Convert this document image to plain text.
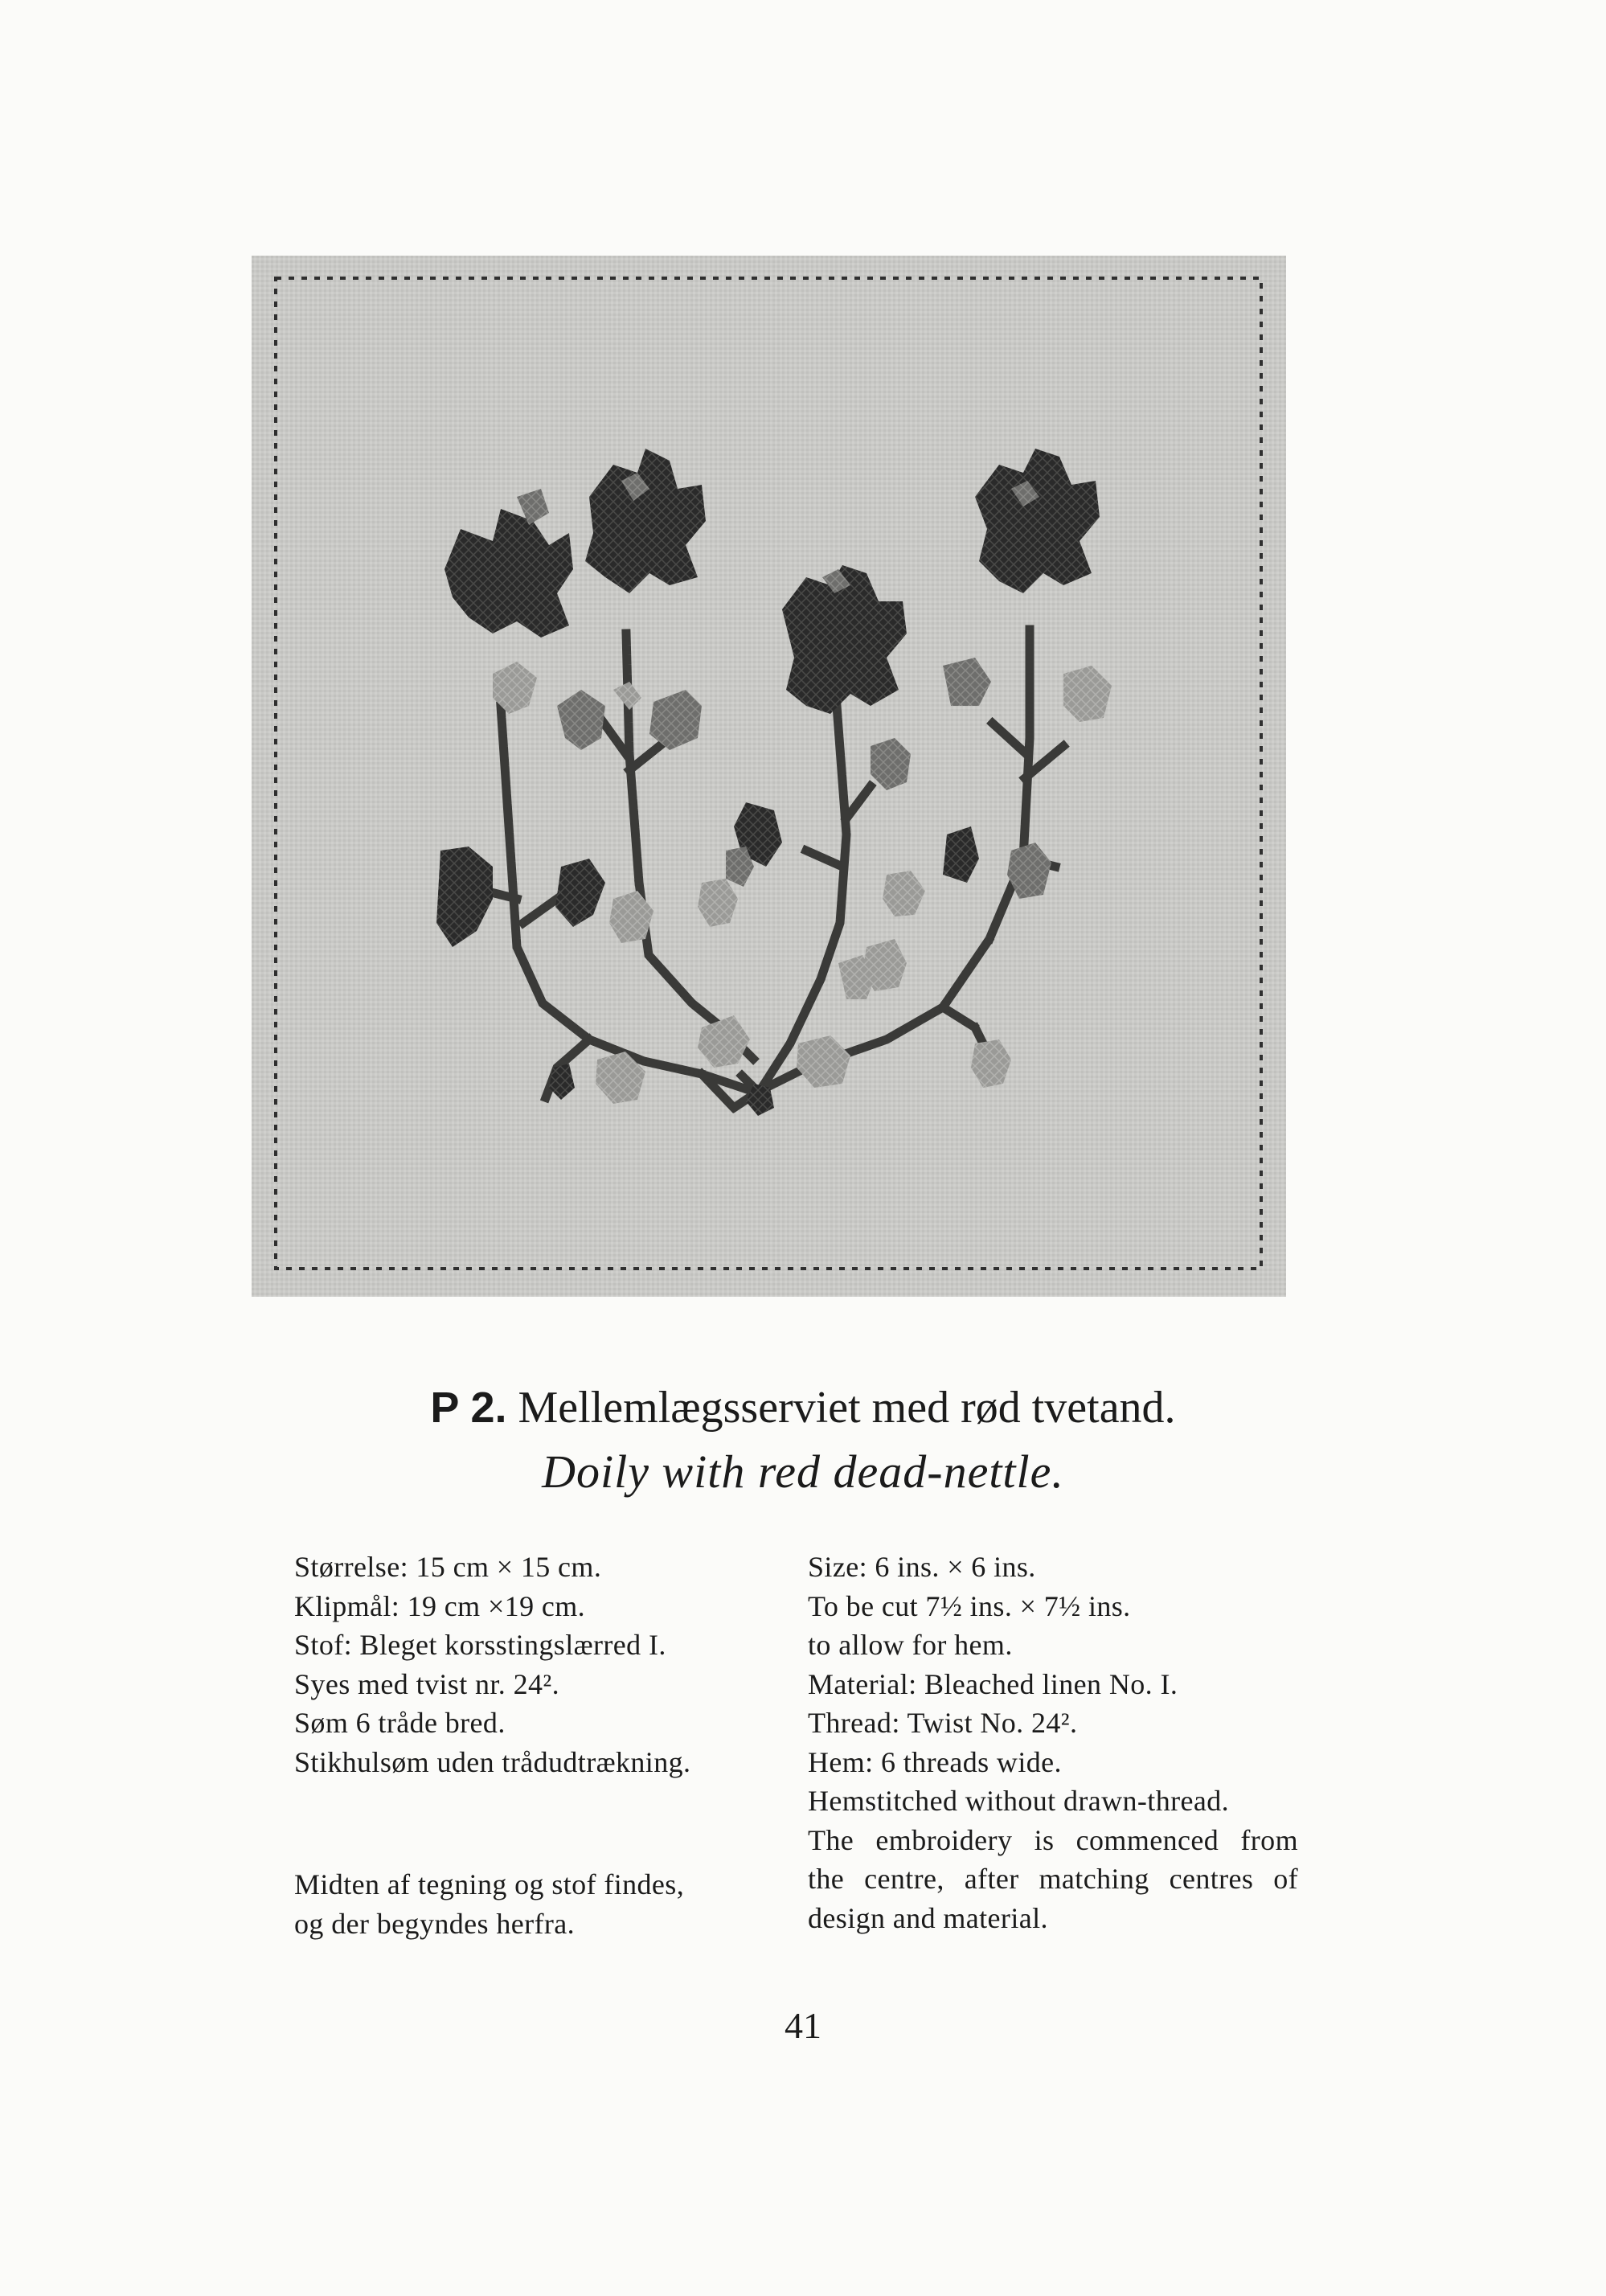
P 2. Mellemlægsserviet med rød tvetand.
Doily with red dead-nettle.

Størrelse: 15 cm × 15 cm.

Klipmål: 19 cm ×19 cm.

Stof: Bleget korsstingslærred I.

Syes med tvist nr. 24².

Søm 6 tråde bred.

Stikhulsøm uden trådudtrækning.

Midten af tegning og stof findes,

og der begyndes herfra.

Size: 6 ins. × 6 ins.

To be cut 7½ ins. × 7½ ins.

to allow for hem.

Material: Bleached linen No. I.

Thread: Twist No. 24².

Hem: 6 threads wide.

Hemstitched without drawn-thread.

The embroidery is commenced from

the centre, after matching centres of

design and material.

41
